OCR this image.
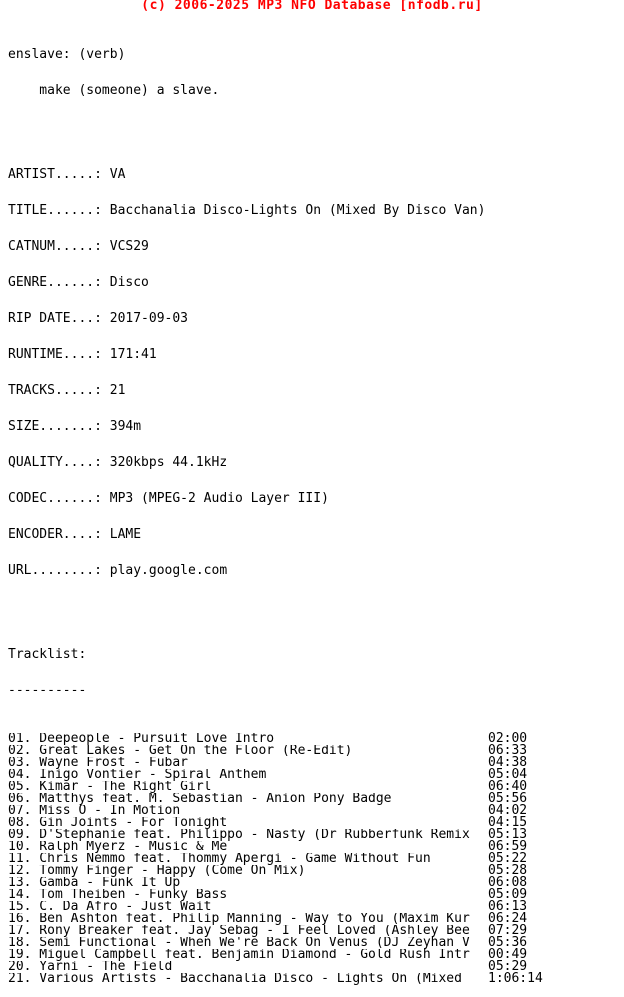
(c) 2006-2025 MP3 NFO Database [nfodb.ru]

enslave: (verb)

make (someone) a slave.

ARTIST.....: VA

TITLE......: Bacchanalia Disco-Lights On (Mixed By Disco Van)

CATNUM.....: VCS29

GENRE......: Disco

RIP DATE...: 2017-09-03

RUNTIME....: 171:41

TRACKS.....: 21

SIZE.......: 394m

QUALITY....: 320kbps 44.1kHz

CODEC......: MP3 (MPEG-2 Audio Layer III)

ENCODER....: LAME

URL........: play.google.com

Tracklist:

----------

01. Deepeople - Pursuit Love Intro	02:00
02. Great Lakes - Get On the Floor (Re-Edit)	06:33
03. Wayne Frost - Fubar	04:38
04. Inigo Vontier - Spiral Anthem	05:04
05. Kimar - The Right Girl	06:40
06. Matthys feat. M. Sebastian - Anion Pony Badge	05:56
07. Miss O - In Motion	04:02
08. Gin Joints - For Tonight	04:15
09. D'Stephanie feat. Philippo - Nasty (Dr Rubberfunk Remix	05:13
10. Ralph Myerz - Music & Me	06:59
11. Chris Nemmo feat. Thommy Apergi - Game Without Fun	05:22
12. Tommy Finger - Happy (Come On Mix)	05:28
13. Gamba - Funk It Up	06:08
14. Tom Theiben - Funky Bass	05:09
15. C. Da Afro - Just Wait	06:13
16. Ben Ashton feat. Philip Manning - Way to You (Maxim Kur	06:24
17. Rony Breaker feat. Jay Sebag - I Feel Loved (Ashley Bee	07:29
18. Semi Functional - When We're Back On Venus (DJ Zeyhan V	05:36
19. Miguel Campbell feat. Benjamin Diamond - Gold Rush Intr	00:49
20. Yarni - The Field	05:29
21. Various Artists - Bacchanalia Disco - Lights On (Mixed	1:06:14
